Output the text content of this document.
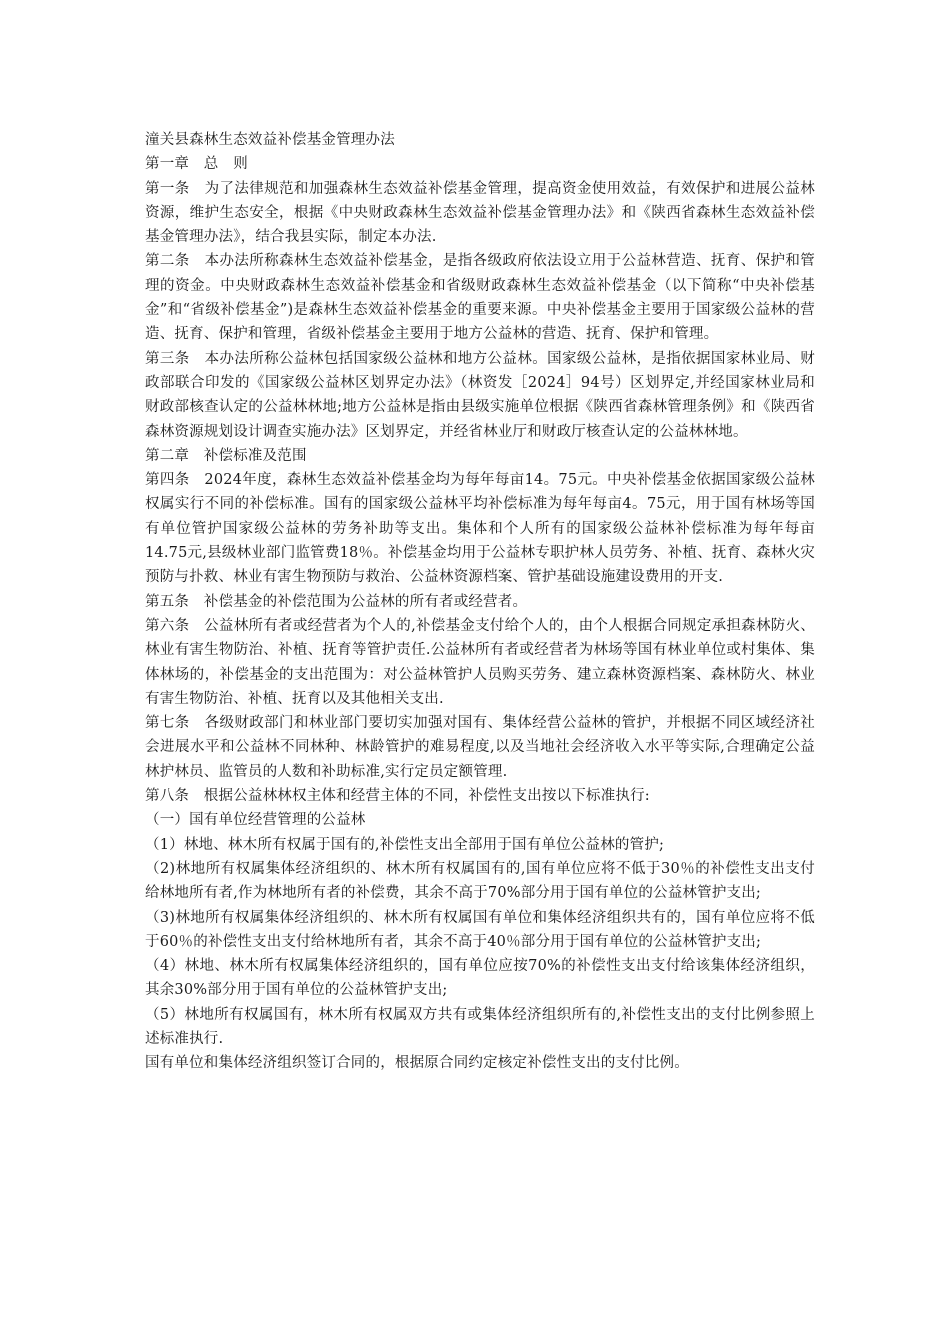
潼关县森林生态效益补偿基金管理办法

第一章　总　则

第一条　为了法律规范和加强森林生态效益补偿基金管理，提高资金使用效益，有效保护和进展公益林资源，维护生态安全，根据《中央财政森林生态效益补偿基金管理办法》和《陕西省森林生态效益补偿基金管理办法》，结合我县实际，制定本办法.

第二条　本办法所称森林生态效益补偿基金，是指各级政府依法设立用于公益林营造、抚育、保护和管理的资金。中央财政森林生态效益补偿基金和省级财政森林生态效益补偿基金（以下简称“中央补偿基金”和“省级补偿基金”)是森林生态效益补偿基金的重要来源。中央补偿基金主要用于国家级公益林的营造、抚育、保护和管理，省级补偿基金主要用于地方公益林的营造、抚育、保护和管理。

第三条　本办法所称公益林包括国家级公益林和地方公益林。国家级公益林，是指依据国家林业局、财政部联合印发的《国家级公益林区划界定办法》（林资发［2024］94号）区划界定,并经国家林业局和财政部核查认定的公益林林地;地方公益林是指由县级实施单位根据《陕西省森林管理条例》和《陕西省森林资源规划设计调查实施办法》区划界定，并经省林业厅和财政厅核查认定的公益林林地。

第二章　补偿标准及范围

第四条　2024年度，森林生态效益补偿基金均为每年每亩14。75元。中央补偿基金依据国家级公益林权属实行不同的补偿标准。国有的国家级公益林平均补偿标准为每年每亩4。75元，用于国有林场等国有单位管护国家级公益林的劳务补助等支出。集体和个人所有的国家级公益林补偿标准为每年每亩14.75元,县级林业部门监管费18％。补偿基金均用于公益林专职护林人员劳务、补植、抚育、森林火灾预防与扑救、林业有害生物预防与救治、公益林资源档案、管护基础设施建设费用的开支.

第五条　补偿基金的补偿范围为公益林的所有者或经营者。

第六条　公益林所有者或经营者为个人的,补偿基金支付给个人的，由个人根据合同规定承担森林防火、林业有害生物防治、补植、抚育等管护责任.公益林所有者或经营者为林场等国有林业单位或村集体、集体林场的，补偿基金的支出范围为：对公益林管护人员购买劳务、建立森林资源档案、森林防火、林业有害生物防治、补植、抚育以及其他相关支出.

第七条　各级财政部门和林业部门要切实加强对国有、集体经营公益林的管护，并根据不同区域经济社会进展水平和公益林不同林种、林龄管护的难易程度,以及当地社会经济收入水平等实际,合理确定公益林护林员、监管员的人数和补助标准,实行定员定额管理.

第八条　根据公益林林权主体和经营主体的不同，补偿性支出按以下标准执行:

（一）国有单位经营管理的公益林

（1）林地、林木所有权属于国有的,补偿性支出全部用于国有单位公益林的管护;

（2)林地所有权属集体经济组织的、林木所有权属国有的,国有单位应将不低于30％的补偿性支出支付给林地所有者,作为林地所有者的补偿费，其余不高于70%部分用于国有单位的公益林管护支出;

（3)林地所有权属集体经济组织的、林木所有权属国有单位和集体经济组织共有的，国有单位应将不低于60％的补偿性支出支付给林地所有者，其余不高于40％部分用于国有单位的公益林管护支出;

（4）林地、林木所有权属集体经济组织的，国有单位应按70%的补偿性支出支付给该集体经济组织，其余30%部分用于国有单位的公益林管护支出;

（5）林地所有权属国有，林木所有权属双方共有或集体经济组织所有的,补偿性支出的支付比例参照上述标准执行.

国有单位和集体经济组织签订合同的，根据原合同约定核定补偿性支出的支付比例。
